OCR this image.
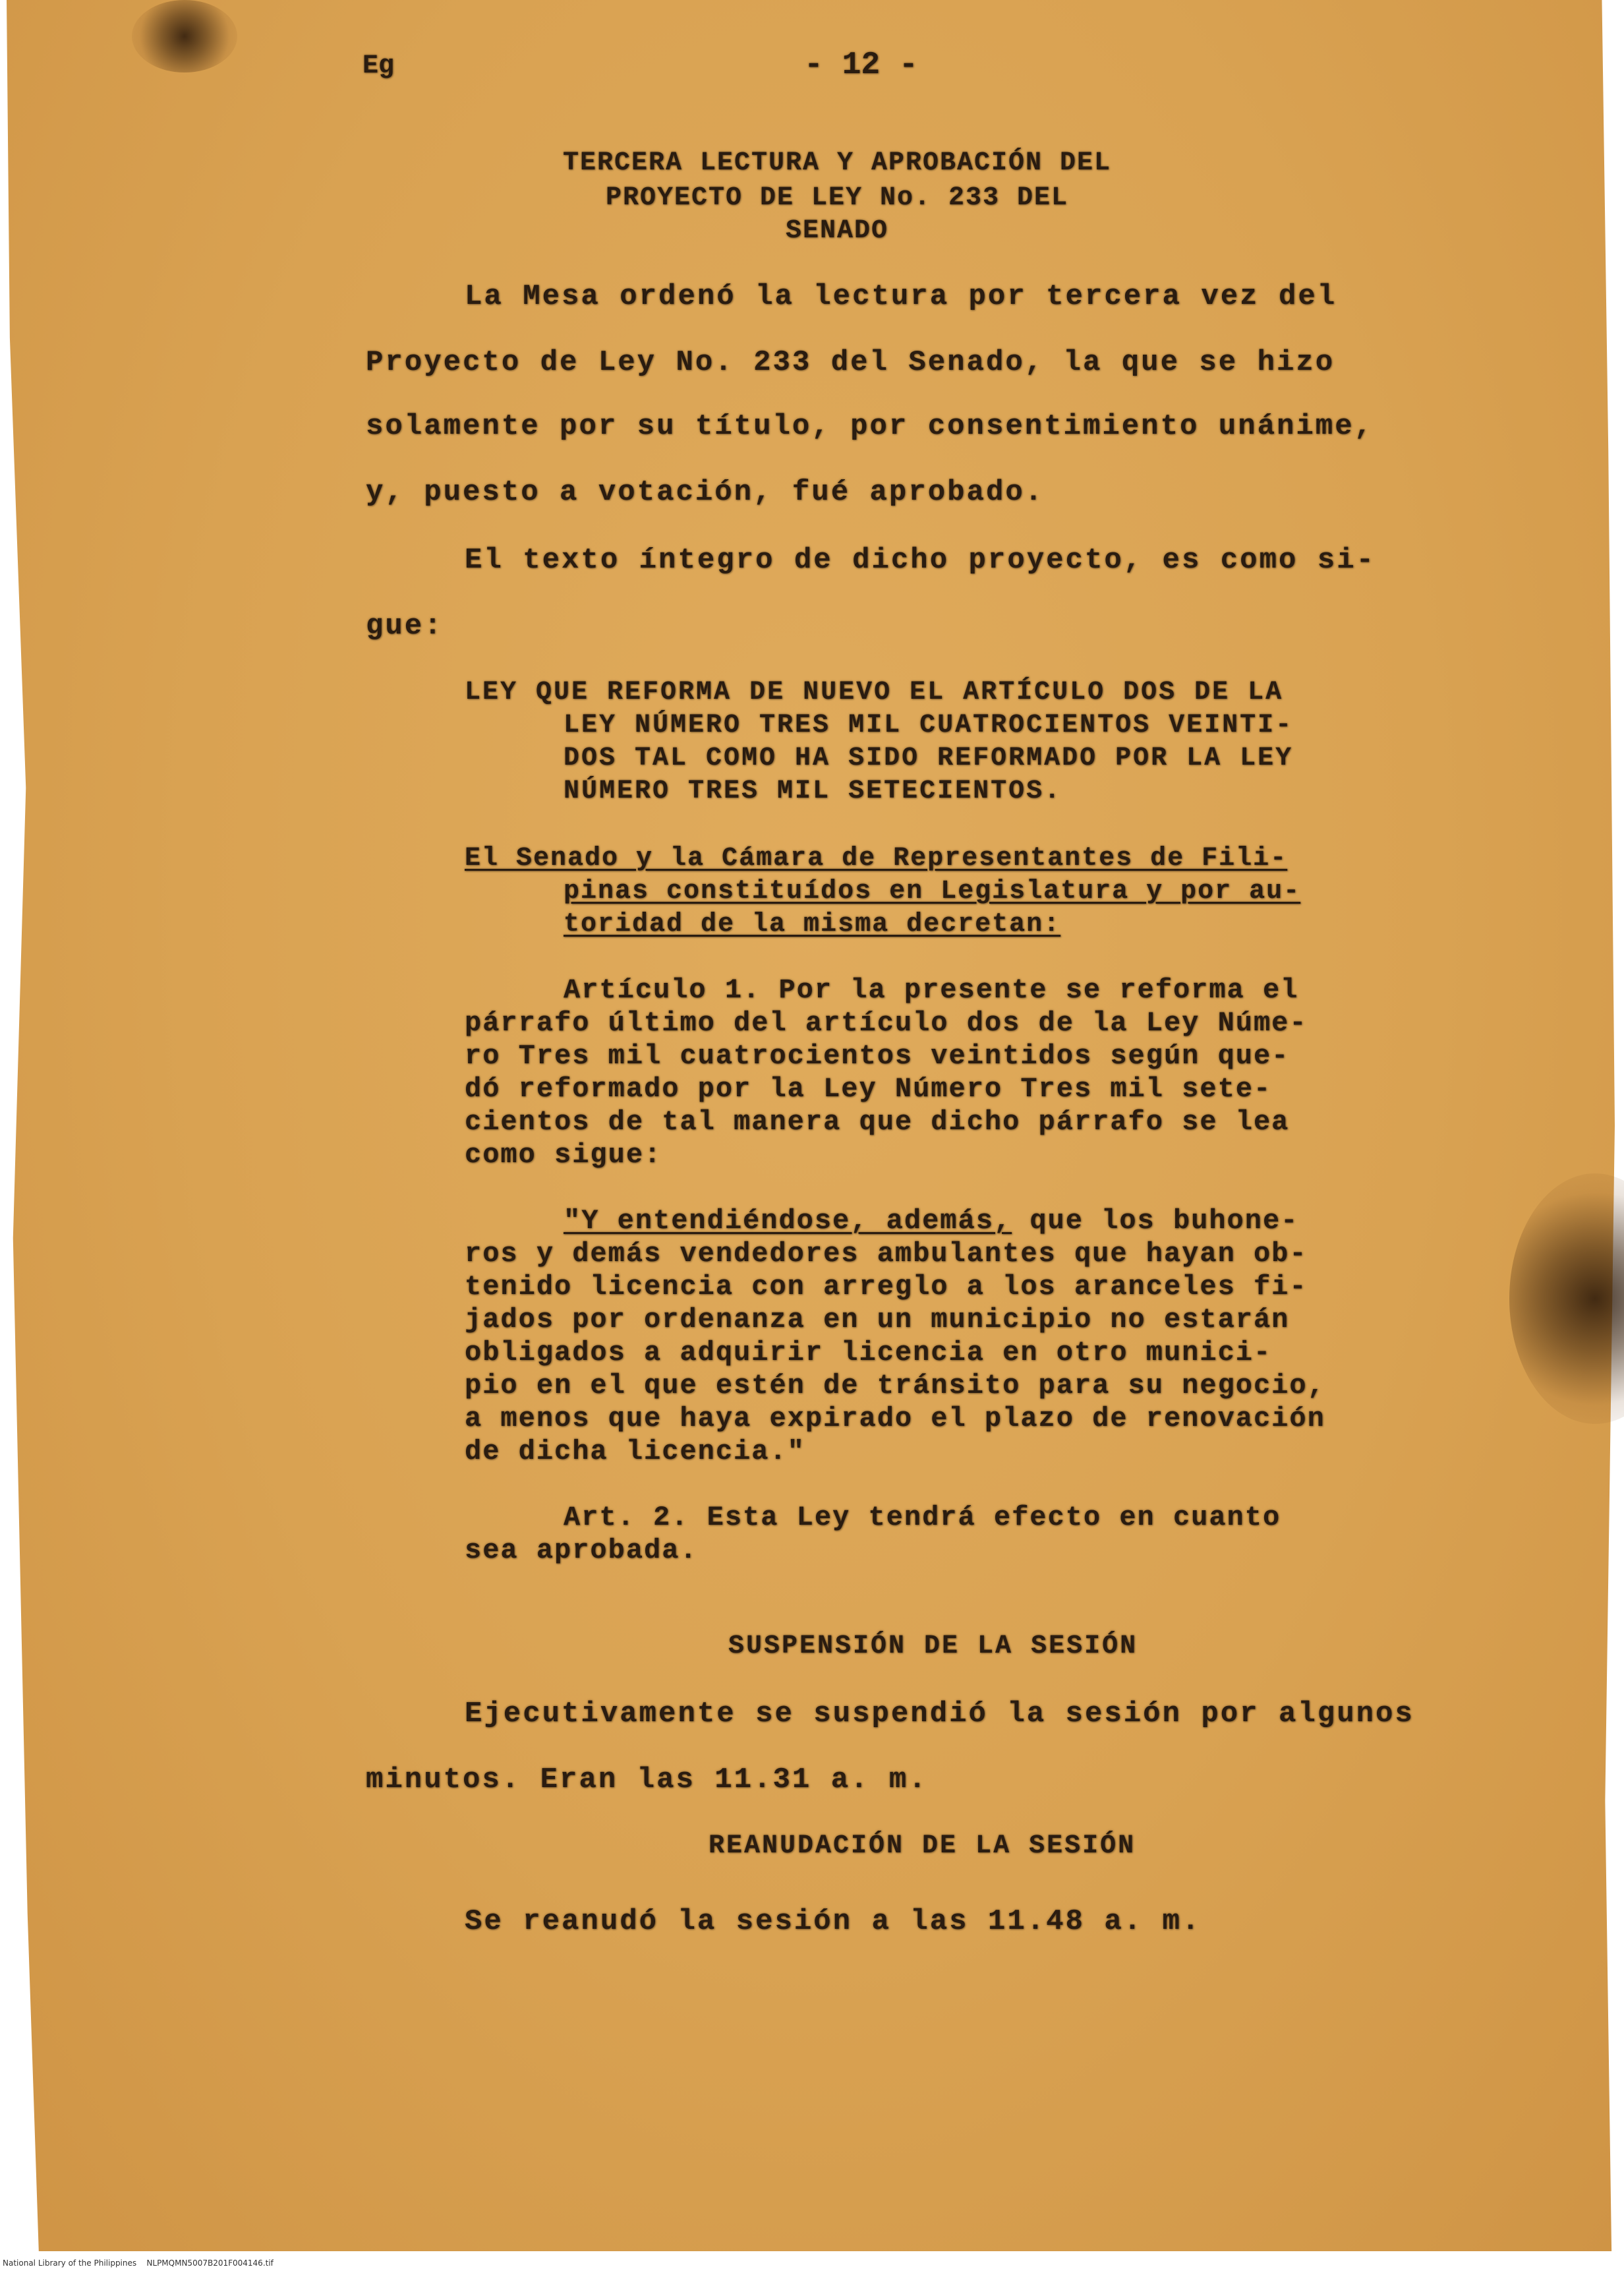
Eg	- 12 -
TERCERA LECTURA Y APROBACIÓN DEL
PROYECTO DE LEY No. 233 DEL
SENADO
La Mesa ordenó la lectura por tercera vez del
Proyecto de Ley No. 233 del Senado, la que se hizo
solamente por su título, por consentimiento unánime,
y, puesto a votación, fué aprobado.
El texto íntegro de dicho proyecto, es como si-
gue:
LEY QUE REFORMA DE NUEVO EL ARTÍCULO DOS DE LA
LEY NÚMERO TRES MIL CUATROCIENTOS VEINTI-
DOS TAL COMO HA SIDO REFORMADO POR LA LEY
NÚMERO TRES MIL SETECIENTOS.
El Senado y la Cámara de Representantes de Fili-
pinas constituídos en Legislatura y por au-
toridad de la misma decretan:
Artículo 1. Por la presente se reforma el
párrafo último del artículo dos de la Ley Núme-
ro Tres mil cuatrocientos veintidos según que-
dó reformado por la Ley Número Tres mil sete-
cientos de tal manera que dicho párrafo se lea
como sigue:
"Y entendiéndose, además, que los buhone-
ros y demás vendedores ambulantes que hayan ob-
tenido licencia con arreglo a los aranceles fi-
jados por ordenanza en un municipio no estarán
obligados a adquirir licencia en otro munici-
pio en el que estén de tránsito para su negocio,
a menos que haya expirado el plazo de renovación
de dicha licencia."
Art. 2. Esta Ley tendrá efecto en cuanto
sea aprobada.
SUSPENSIÓN DE LA SESIÓN
Ejecutivamente se suspendió la sesión por algunos
minutos. Eran las 11.31 a. m.
REANUDACIÓN DE LA SESIÓN
Se reanudó la sesión a las 11.48 a. m.
National Library of the Philippines NLPMQMN5007B201F004146.tif
